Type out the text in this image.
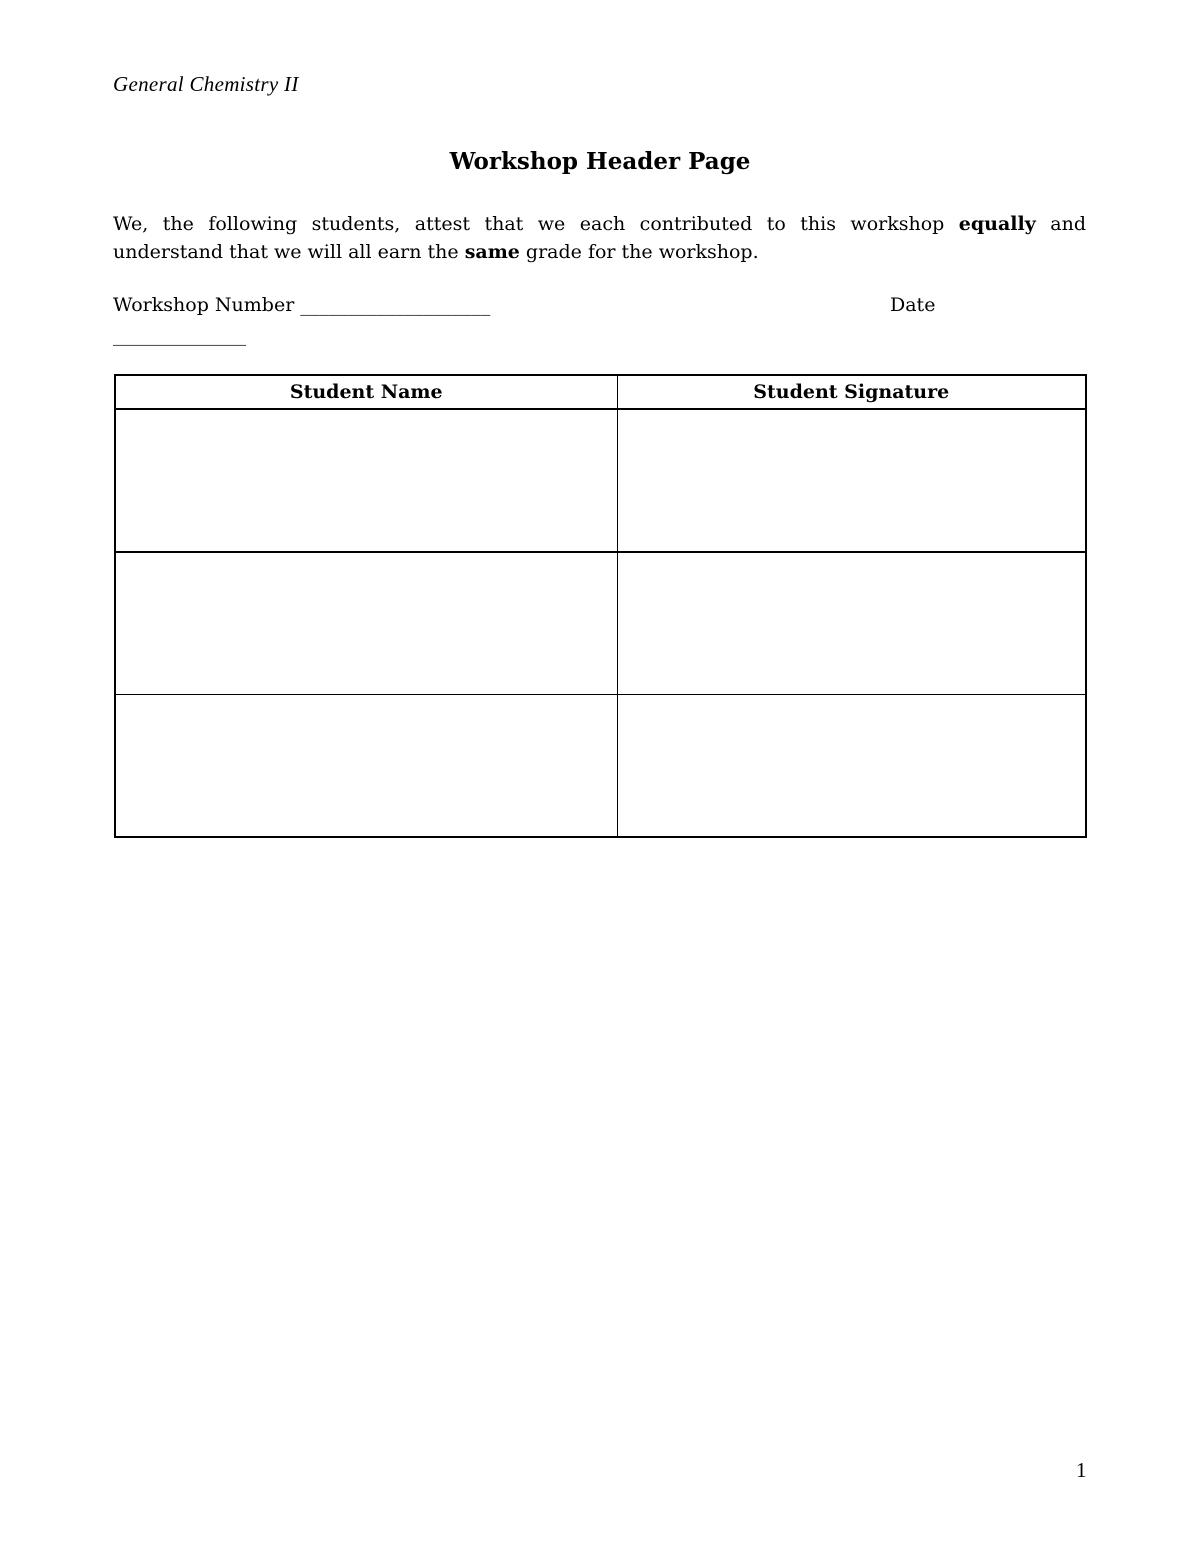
General Chemistry II
Workshop Header Page
We, the following students, attest that we each contributed to this workshop equally and
understand that we will all earn the same grade for the workshop.
Workshop Number ____________________	Date
______________
Student Name	Student Signature

1
